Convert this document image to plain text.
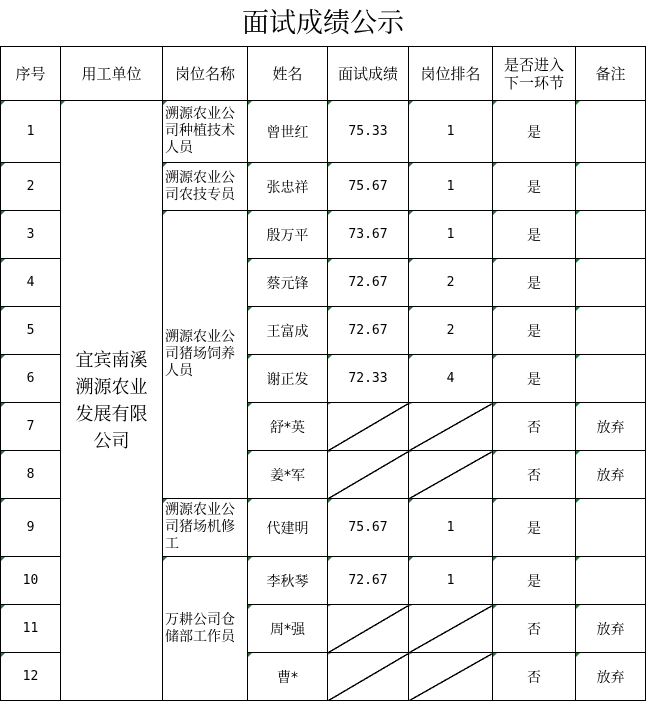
面试成绩公示
序号	用工单位	岗位名称	姓名	面试成绩	岗位排名	是否进入下一环节	备注
1	宜宾南溪溯源农业发展有限公司	溯源农业公司种植技术人员	曾世红	75.33	1	是	
2		溯源农业公司农技专员	张忠祥	75.67	1	是	
3		溯源农业公司猪场饲养人员	殷万平	73.67	1	是	
4			蔡元锋	72.67	2	是	
5			王富成	72.67	2	是	
6			谢正发	72.33	4	是	
7			舒*英			否	放弃
8			姜*军			否	放弃
9		溯源农业公司猪场机修工	代建明	75.67	1	是	
10		万耕公司仓储部工作员	李秋琴	72.67	1	是	
11			周*强			否	放弃
12			曹*			否	放弃
